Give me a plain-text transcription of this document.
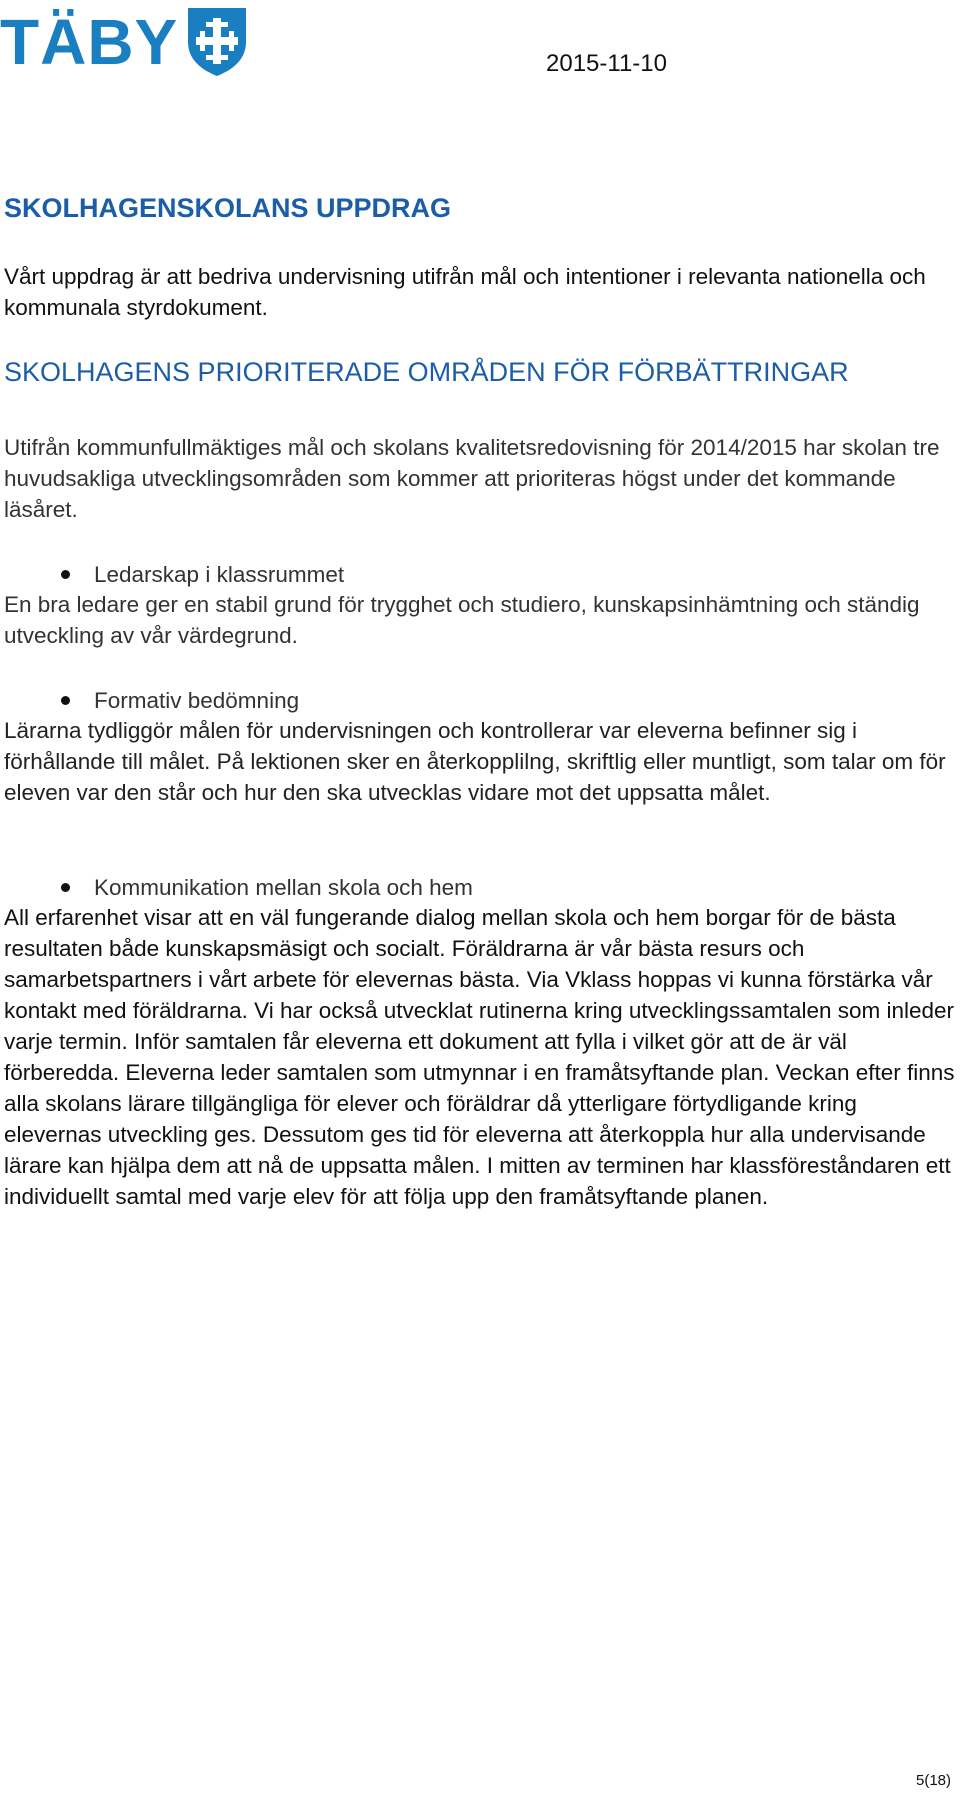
TÄBY	2015-11-10
SKOLHAGENSKOLANS UPPDRAG

Vårt uppdrag är att bedriva undervisning utifrån mål och intentioner i relevanta nationella och kommunala styrdokument.

SKOLHAGENS PRIORITERADE OMRÅDEN FÖR FÖRBÄTTRINGAR

Utifrån kommunfullmäktiges mål och skolans kvalitetsredovisning för 2014/2015 har skolan tre huvudsakliga utvecklingsområden som kommer att prioriteras högst under det kommande läsåret.

Ledarskap i klassrummet

En bra ledare ger en stabil grund för trygghet och studiero, kunskapsinhämtning och ständig utveckling av vår värdegrund.

Formativ bedömning

Lärarna tydliggör målen för undervisningen och kontrollerar var eleverna befinner sig i förhållande till målet. På lektionen sker en återkopplilng, skriftlig eller muntligt, som talar om för eleven var den står och hur den ska utvecklas vidare mot det uppsatta målet.

Kommunikation mellan skola och hem

All erfarenhet visar att en väl fungerande dialog mellan skola och hem borgar för de bästa resultaten både kunskapsmäsigt och socialt. Föräldrarna är vår bästa resurs och samarbetspartners i vårt arbete för elevernas bästa. Via Vklass hoppas vi kunna förstärka vår kontakt med föräldrarna. Vi har också utvecklat rutinerna kring utvecklingssamtalen som inleder varje termin. Inför samtalen får eleverna ett dokument att fylla i vilket gör att de är väl förberedda. Eleverna leder samtalen som utmynnar i en framåtsyftande plan. Veckan efter finns alla skolans lärare tillgängliga för elever och föräldrar då ytterligare förtydligande kring elevernas utveckling ges. Dessutom ges tid för eleverna att återkoppla hur alla undervisande lärare kan hjälpa dem att nå de uppsatta målen. I mitten av terminen har klassföreståndaren ett individuellt samtal med varje elev för att följa upp den framåtsyftande planen.

5(18)
